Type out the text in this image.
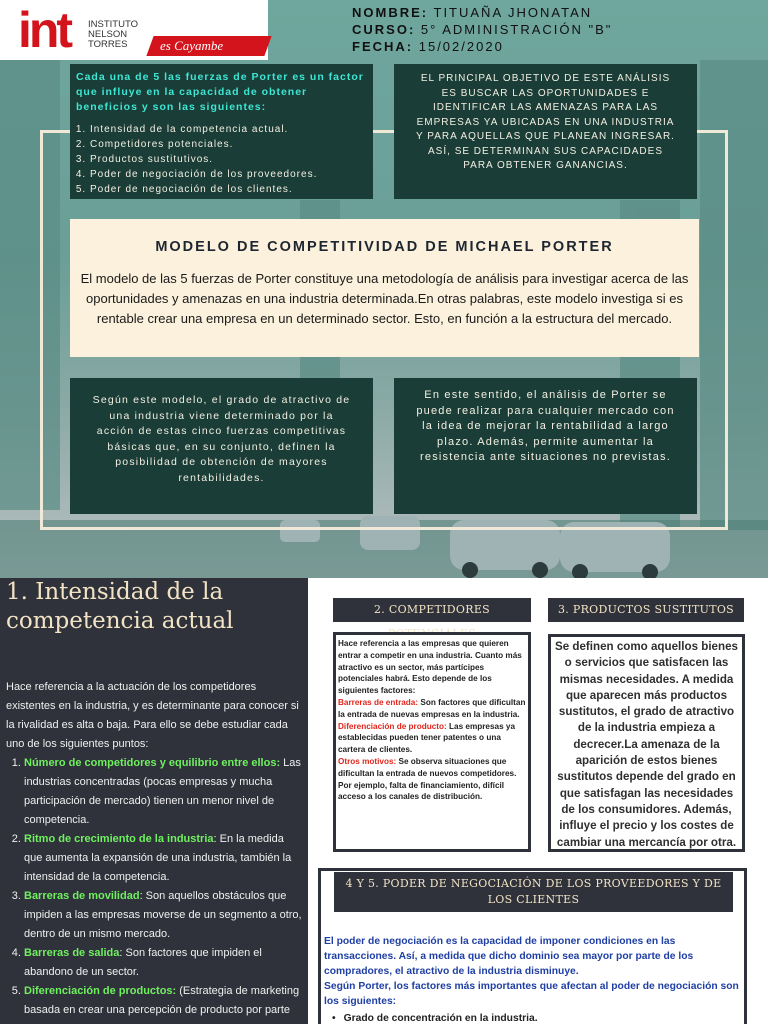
int INSTITUTO NELSON TORRES	es Cayambe
NOMBRE: TITUAÑA JHONATAN
CURSO: 5° ADMINISTRACIÓN "B"
FECHA: 15/02/2020
Cada una de 5 las fuerzas de Porter es un factor que influye en la capacidad de obtener beneficios y son las siguientes:
1. Intensidad de la competencia actual.
2. Competidores potenciales.
3. Productos sustitutivos.
4. Poder de negociación de los proveedores.
5. Poder de negociación de los clientes.
EL PRINCIPAL OBJETIVO DE ESTE ANÁLISIS ES BUSCAR LAS OPORTUNIDADES E IDENTIFICAR LAS AMENAZAS PARA LAS EMPRESAS YA UBICADAS EN UNA INDUSTRIA Y PARA AQUELLAS QUE PLANEAN INGRESAR. ASÍ, SE DETERMINAN SUS CAPACIDADES PARA OBTENER GANANCIAS.
MODELO DE COMPETITIVIDAD DE MICHAEL PORTER

El modelo de las 5 fuerzas de Porter constituye una metodología de análisis para investigar acerca de las oportunidades y amenazas en una industria determinada.En otras palabras, este modelo investiga si es rentable crear una empresa en un determinado sector. Esto, en función a la estructura del mercado.

Según este modelo, el grado de atractivo de una industria viene determinado por la acción de estas cinco fuerzas competitivas básicas que, en su conjunto, definen la posibilidad de obtención de mayores rentabilidades.
En este sentido, el análisis de Porter se puede realizar para cualquier mercado con la idea de mejorar la rentabilidad a largo plazo. Además, permite aumentar la resistencia ante situaciones no previstas.
1. Intensidad de la competencia actual

Hace referencia a la actuación de los competidores existentes en la industria, y es determinante para conocer si la rivalidad es alta o baja. Para ello se debe estudiar cada uno de los siguientes puntos:

1. Número de competidores y equilibrio entre ellos: Las industrias concentradas (pocas empresas y mucha participación de mercado) tienen un menor nivel de competencia.
2. Ritmo de crecimiento de la industria: En la medida que aumenta la expansión de una industria, también la intensidad de la competencia.
3. Barreras de movilidad: Son aquellos obstáculos que impiden a las empresas moverse de un segmento a otro, dentro de un mismo mercado.
4. Barreras de salida: Son factores que impiden el abandono de un sector.
5. Diferenciación de productos: (Estrategia de marketing basada en crear una percepción de producto por parte
2. COMPETIDORES
Hace referencia a las empresas que quieren entrar a competir en una industria. Cuanto más atractivo es un sector, más partícipes potenciales habrá. Esto depende de los siguientes factores:
Barreras de entrada: Son factores que dificultan la entrada de nuevas empresas en la industria.
Diferenciación de producto: Las empresas ya establecidas pueden tener patentes o una cartera de clientes.
Otros motivos: Se observa situaciones que dificultan la entrada de nuevos competidores. Por ejemplo, falta de financiamiento, difícil acceso a los canales de distribución.
3. PRODUCTOS SUSTITUTOS
Se definen como aquellos bienes o servicios que satisfacen las mismas necesidades. A medida que aparecen más productos sustitutos, el grado de atractivo de la industria empieza a decrecer.La amenaza de la aparición de estos bienes sustitutos depende del grado en que satisfagan las necesidades de los consumidores. Además, influye el precio y los costes de cambiar una mercancía por otra.
4 Y 5. PODER DE NEGOCIACIÓN DE LOS PROVEEDORES Y DE LOS CLIENTES
El poder de negociación es la capacidad de imponer condiciones en las transacciones. Así, a medida que dicho dominio sea mayor por parte de los compradores, el atractivo de la industria disminuye.
Según Porter, los factores más importantes que afectan al poder de negociación son los siguientes:
• Grado de concentración en la industria.
